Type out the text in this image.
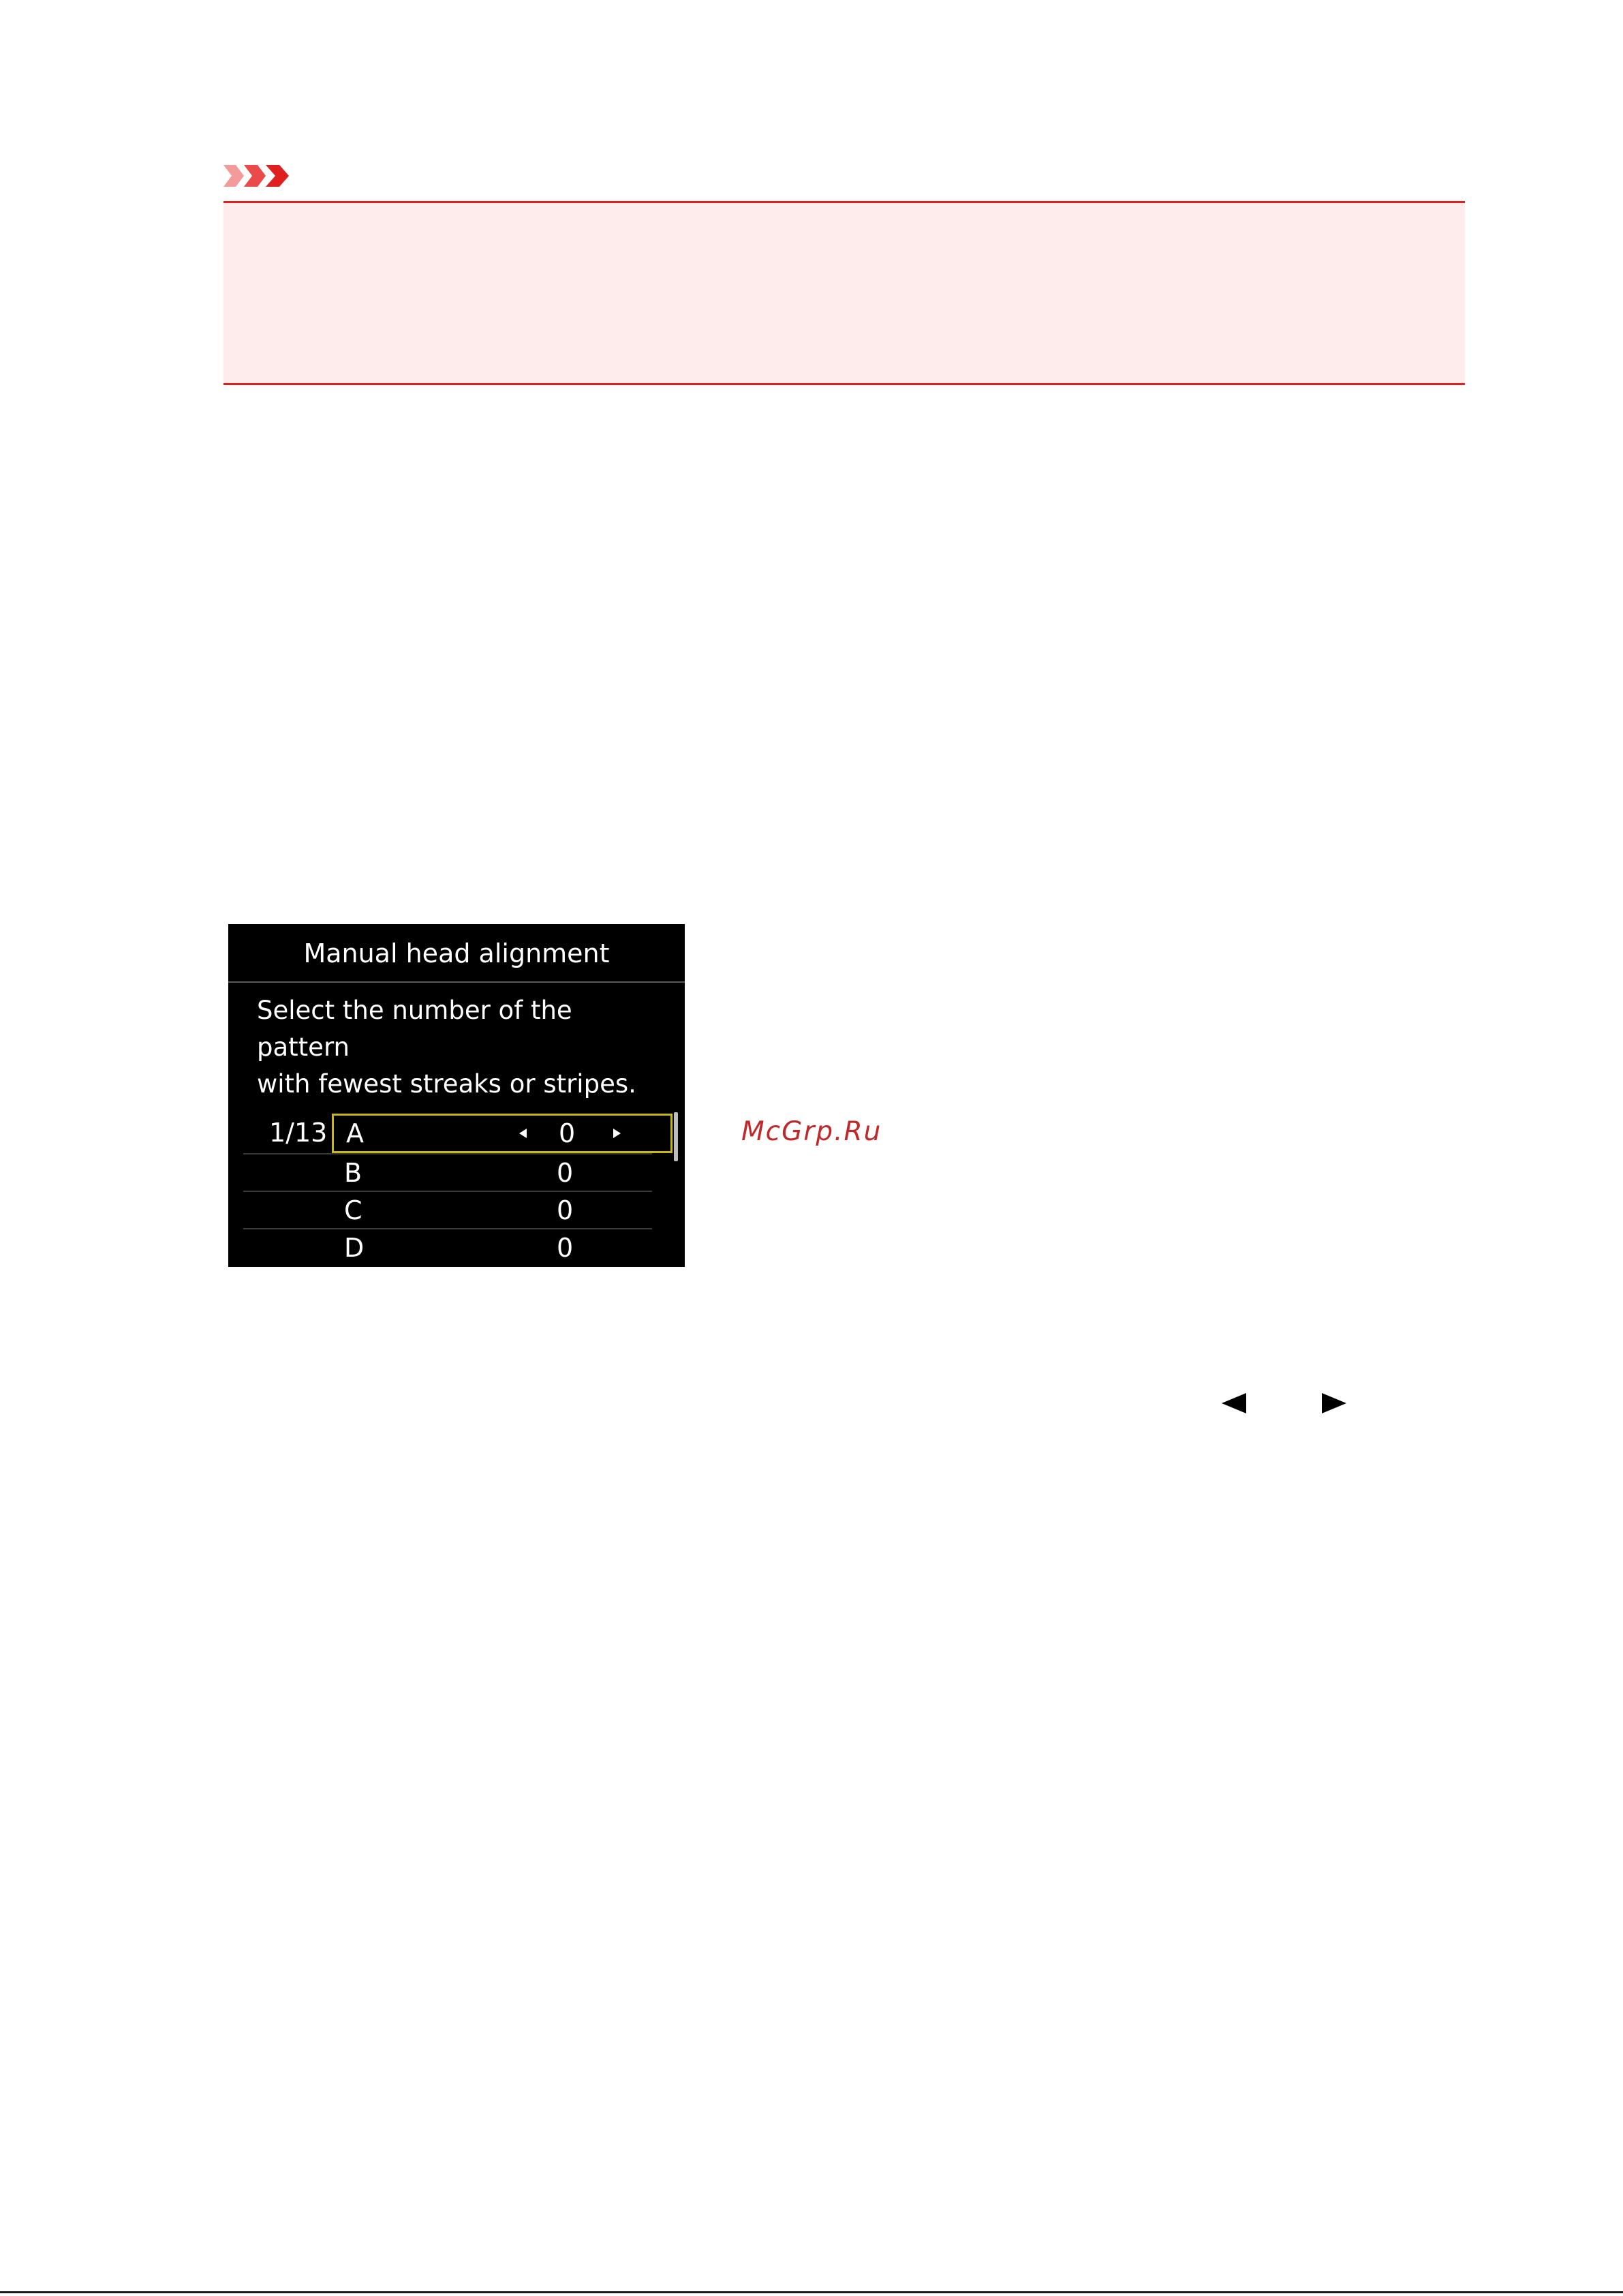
Manual head alignment
Select the number of the pattern
with fewest streaks or stripes.
1/13 A	0
B	0
C	0
D	0
McGrp.Ru
